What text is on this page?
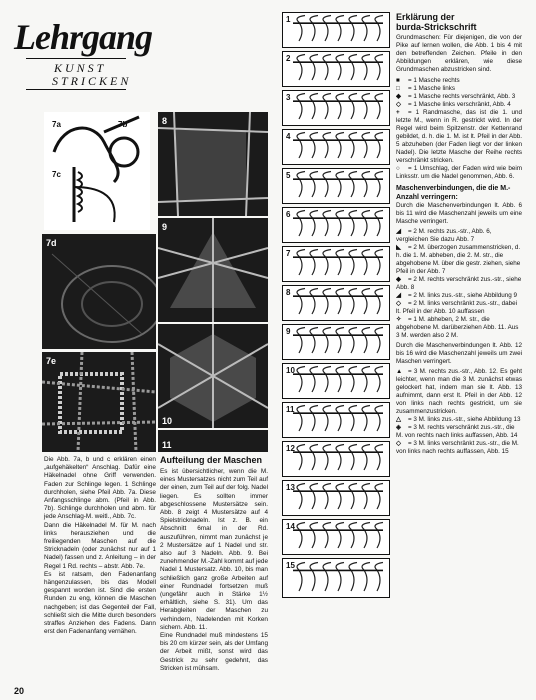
Lehrgang
KUNST
STRICKEN
7a	7b
7c
7d
7e

Die Abb. 7a, b und c erklären einen „aufgehäkelten“ Anschlag. Dafür eine Häkelnadel ohne Griff verwenden. Faden zur Schlinge legen. 1 Schlinge durchholen, siehe Pfeil Abb. 7a. Diese Anfangsschlinge abm. (Pfeil in Abb. 7b). Schlinge durchholen und abm. für jede Anschlag-M. weitl., Abb. 7c.

Dann die Häkelnadel M. für M. nach links herausziehen und die freiliegenden Maschen auf die Stricknadeln (oder zunächst nur auf 1 Nadel) fassen und z. Anleitung – in der Regel 1 Rd. rechts – abstr. Abb. 7e.

Es ist ratsam, den Fadenanfang hängenzulassen, bis das Modell gespannt worden ist. Sind die ersten Runden zu eng, können die Maschen nachgeben; ist das Gegenteil der Fall, schließt sich die Mitte durch besonders straffes Anziehen des Fadens. Dann erst den Fadenanfang vernähen.

8
9
10
11
Aufteilung der Maschen

Es ist übersichtlicher, wenn die M. eines Mustersatzes nicht zum Teil auf der einen, zum Teil auf der folg. Nadel liegen. Es sollten immer abgeschlossene Mustersätze sein. Abb. 8 zeigt 4 Mustersätze auf 4 Spielstricknadeln. Ist z. B. ein Abschnitt 6mal in der Rd. auszuführen, nimmt man zunächst je 2 Mustersätze auf 1 Nadel und str. also auf 3 Nadeln. Abb. 9. Bei zunehmender M.-Zahl kommt auf jede Nadel 1 Mustersatz. Abb. 10, bis man schließlich ganz große Arbeiten auf einer Rundnadel fortsetzen muß (ungefähr auch in Stärke 1½ erhältlich, siehe S. 31). Um das Herabgleiten der Maschen zu verhindern, Nadelenden mit Korken sichern. Abb. 11.

Eine Rundnadel muß mindestens 15 bis 20 cm kürzer sein, als der Umfang der Arbeit mißt, sonst wird das Gestrick zu sehr gedehnt, das Stricken ist mühsam.

1
2
3
4
5
6
7
8
9
10
11
12
13
14
15
Erklärung der
burda-Strickschrift
Grundmaschen: Für diejenigen, die von der Pike auf lernen wollen, die Abb. 1 bis 4 mit den betreffenden Zeichen. Pfeile in den Abbildungen erklären, wie diese Grundmaschen abzustricken sind.
■ = 1 Masche rechts
□ = 1 Masche links
◆ = 1 Masche rechts verschränkt, Abb. 3
◇ = 1 Masche links verschränkt, Abb. 4
+ = 1 Randmasche, das ist die 1. und letzte M., wenn in R. gestrickt wird. In der Regel wird beim Spitzenstr. der Kettenrand gebildet, d. h. die 1. M. ist lt. Pfeil in der Abb. 5 abzuheben (der Faden liegt vor der linken Nadel). Die letzte Masche der Reihe rechts verschränkt stricken.
○ = 1 Umschlag, der Faden wird wie beim Linksstr. um die Nadel genommen, Abb. 6.
Maschenverbindungen, die die M.-Anzahl verringern:
Durch die Maschenverbindungen lt. Abb. 6 bis 11 wird die Maschenzahl jeweils um eine Masche verringert.
◢ = 2 M. rechts zus.-str., Abb. 6, vergleichen Sie dazu Abb. 7
◣ = 2 M. überzogen zusammenstricken, d. h. die 1. M. abheben, die 2. M. str., die abgehobene M. über die gestr. ziehen, siehe Pfeil in der Abb. 7
◆ = 2 M. rechts verschränkt zus.-str., siehe Abb. 8
◢ = 2 M. links zus.-str., siehe Abbildung 9
◇ = 2 M. links verschränkt zus.-str., dabei lt. Pfeil in der Abb. 10 auffassen
✧ = 1 M. abheben, 2 M. str., die abgehobene M. darüberziehen Abb. 11. Aus 3 M. werden also 2 M.
Durch die Maschenverbindungen lt. Abb. 12 bis 16 wird die Maschenzahl jeweils um zwei Maschen verringert.
▲ = 3 M. rechts zus.-str., Abb. 12. Es geht leichter, wenn man die 3 M. zunächst etwas gelockert hat, indem man sie lt. Abb. 13 aufnimmt, dann erst lt. Pfeil in der Abb. 12 von links nach rechts gestrickt, um sie zusammenzustricken.
△ = 3 M. links zus.-str., siehe Abbildung 13
◈ = 3 M. rechts verschränkt zus.-str., die M. von rechts nach links auffassen, Abb. 14
◇ = 3 M. links verschränkt zus.-str., die M. von links nach rechts auffassen, Abb. 15
20
